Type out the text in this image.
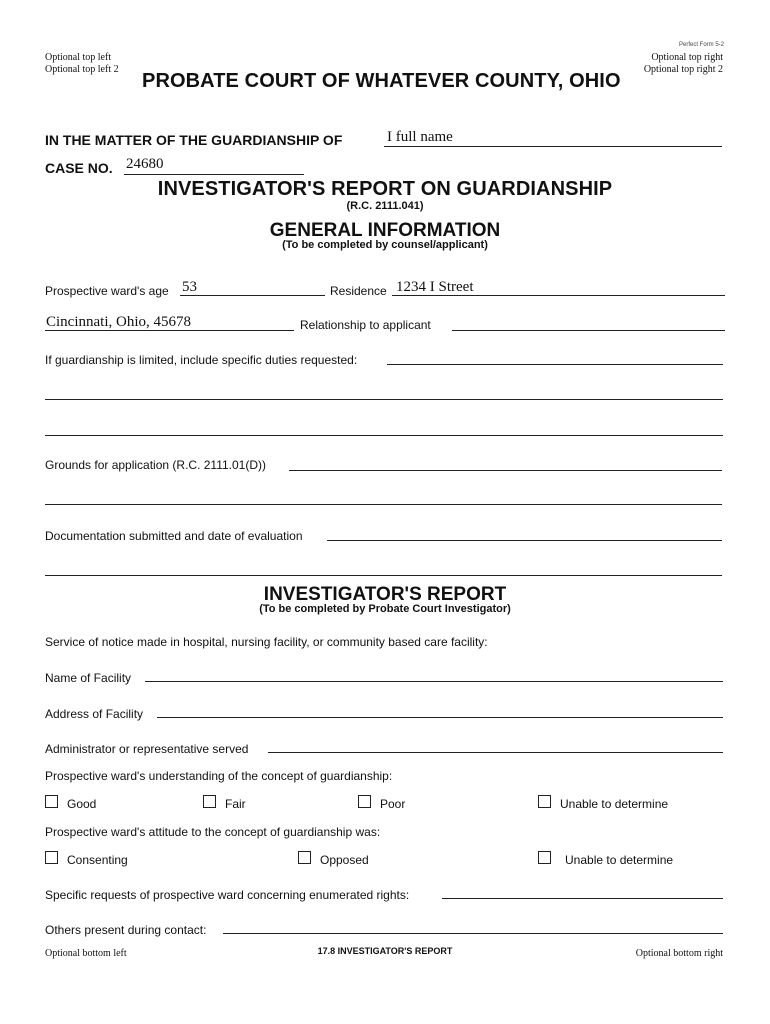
Perfect Form 5-2
Optional top left
Optional top left 2
Optional top right
Optional top right 2
PROBATE COURT OF WHATEVER COUNTY, OHIO
IN THE MATTER OF THE GUARDIANSHIP OF	I full name
CASE NO. 24680
INVESTIGATOR'S REPORT ON GUARDIANSHIP
(R.C. 2111.041)
GENERAL INFORMATION
(To be completed by counsel/applicant)
Prospective ward's age 53	Residence 1234 I Street
Cincinnati, Ohio, 45678	Relationship to applicant
If guardianship is limited, include specific duties requested:
Grounds for application (R.C. 2111.01(D))
Documentation submitted and date of evaluation
INVESTIGATOR'S REPORT
(To be completed by Probate Court Investigator)
Service of notice made in hospital, nursing facility, or community based care facility:
Name of Facility
Address of Facility
Administrator or representative served
Prospective ward's understanding of the concept of guardianship:
Good	Fair	Poor	Unable to determine
Prospective ward's attitude to the concept of guardianship was:
Consenting	Opposed	Unable to determine
Specific requests of prospective ward concerning enumerated rights:
Others present during contact:
Optional bottom left	17.8 INVESTIGATOR'S REPORT	Optional bottom right
